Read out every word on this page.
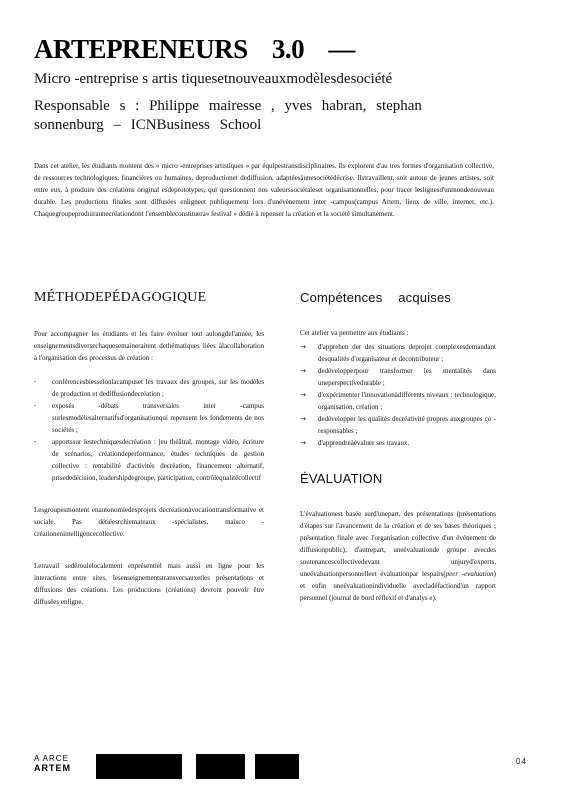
ARTEPRENEURS 3.0 —
Micro -entreprise s artis tiquesetnouveauxmodèlesdesociété
Responsable s : Philippe mairesse , yves habran, stephan sonnenburg – ICNBusiness School

Dans cet atelier, les étudiants montent des « micro -entreprises artistiques » par équipestransdisciplinaires. Ils explorent d'au tres formes d'organisation collective, de ressources technologiques, financières ou humaines, deproductionet dediffusion, adaptéesàunesociétédécrise. Ilstravaillent, soit autour de jeunes artistes, soit entre eux, à produire des créations original esdeprototypes, qui questionnent nos valeurssociétaleset organisationnelles, pour tracer leslignesd'unmondenouveau durable. Les productions finales sont diffusées enligneet publiquement lors d'unévènement inter -campus(campus Artem, lieux de ville, internet, etc.). Chaquegroupeproduiraunecréationdont l'ensembleconstituera« festival » dédié à repenser la création et la société simultanément.

MÉTHODEPÉDAGOGIQUE

Pour accompagner les étudiants et les faire évoluer tout aulongdel'année, les enseignementsdiversechaquesemaineraitent dethématiques liées àlacollaboration à l'organisation des processus de création :

-	conférencesbiesselonlacampuset les travaux des groupes, sur les modèles de production et dediffusiondecréation ;
-	exposés -débats transversales inter -campus surlesmodèlesalternatifsd'organisationqui repensent les fondements de nos sociétés ;
-	apportssur lestechniquesdecréation : jeu théâtral, montage vidéo, écriture de scénarios, créationdeperformance, études techniques de gestion collective : rentabilité d'activités decréation, financement alternatif, prisededécision, leadershipdegroupe, participation, contrôlequalitécollectif

Lesgroupesmontent enautonomiedesprojets decréationàvocationtransformative et sociale. Pas détiéesrchiemateaux -spécialistes, maisco -créationenintelligencecollective.

Letravail sedéroulelocalement enprésentiel mais aussi en ligne pour les interactions entre sites, lesenseignementstransversauxetles présentations et diffusions des créations. Les productions (créations) devront pouvoir être diffusées enligne.

Compétences acquises

Cet atelier va permettre aux étudiants :

→	d'apprehen der des situations deprojet complexesdemandant desqualités d'organisateur et decontributeur ;
→	dedévelopperpour transformer les mentalités dans uneperspectivedurable ;
→	d'expérimenter l'innovationàdifférents niveaux : technologique, organisation, création ;
→	dedévelopper les qualités decréativité propres auxgroupes co -responsables ;
→	d'apprendreàévaluer ses travaux.
ÉVALUATION

L'évaluationest basée surd'unepart, des présentations (présentations d'étapes sur l'avancement de la création et de ses bases théoriques ; présentation finale avec l'organisation collective d'un événement de diffusionpublic), d'autrepart, uneévaluationde groupe avecdes soutenancescollectivedevant unjuryd'experts, uneévaluationpersonnelleet évaluationpar lespairs(peer -evaluation) et enfin uneévaluationindividuelle avecladéfactiond'un rapport personnel (journal de bord réflexif et d'analys e).

A ARCE
ARTEM
04
